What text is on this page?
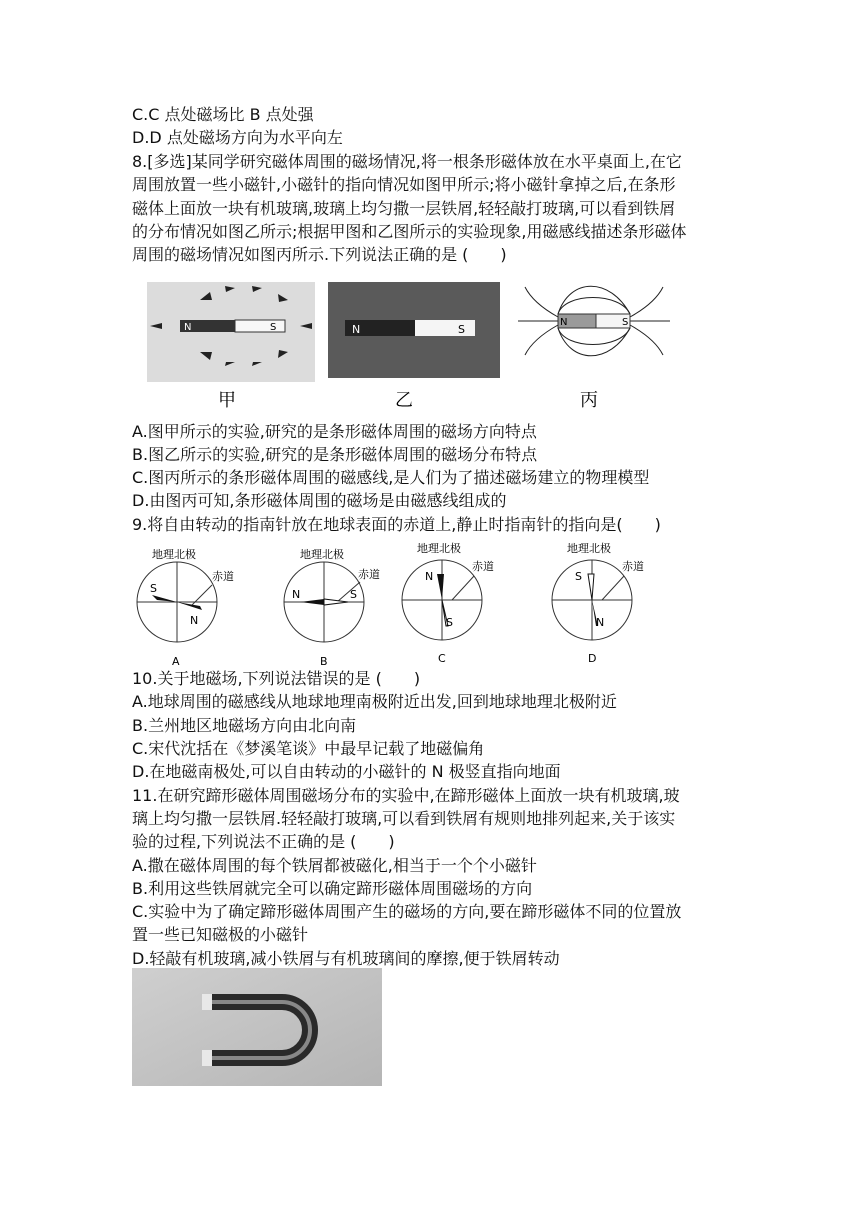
C.C 点处磁场比 B 点处强
D.D 点处磁场方向为水平向左
8.[多选]某同学研究磁体周围的磁场情况,将一根条形磁体放在水平桌面上,在它
周围放置一些小磁针,小磁针的指向情况如图甲所示;将小磁针拿掉之后,在条形
磁体上面放一块有机玻璃,玻璃上均匀撒一层铁屑,轻轻敲打玻璃,可以看到铁屑
的分布情况如图乙所示;根据甲图和乙图所示的实验现象,用磁感线描述条形磁体
周围的磁场情况如图丙所示.下列说法正确的是 (　　)
N	S
甲
N	S
乙
N	S
丙
A.图甲所示的实验,研究的是条形磁体周围的磁场方向特点
B.图乙所示的实验,研究的是条形磁体周围的磁场分布特点
C.图丙所示的条形磁体周围的磁感线,是人们为了描述磁场建立的物理模型
D.由图丙可知,条形磁体周围的磁场是由磁感线组成的
9.将自由转动的指南针放在地球表面的赤道上,静止时指南针的指向是(　　)
地理北极
赤道
S
N
A
地理北极
赤道
N	S
B
地理北极
赤道
N
S
C
地理北极
赤道
S
N
D
10.关于地磁场,下列说法错误的是 (　　)
A.地球周围的磁感线从地球地理南极附近出发,回到地球地理北极附近
B.兰州地区地磁场方向由北向南
C.宋代沈括在《梦溪笔谈》中最早记载了地磁偏角
D.在地磁南极处,可以自由转动的小磁针的 N 极竖直指向地面
11.在研究蹄形磁体周围磁场分布的实验中,在蹄形磁体上面放一块有机玻璃,玻
璃上均匀撒一层铁屑.轻轻敲打玻璃,可以看到铁屑有规则地排列起来,关于该实
验的过程,下列说法不正确的是 (　　)
A.撒在磁体周围的每个铁屑都被磁化,相当于一个个小磁针
B.利用这些铁屑就完全可以确定蹄形磁体周围磁场的方向
C.实验中为了确定蹄形磁体周围产生的磁场的方向,要在蹄形磁体不同的位置放
置一些已知磁极的小磁针
D.轻敲有机玻璃,减小铁屑与有机玻璃间的摩擦,便于铁屑转动
